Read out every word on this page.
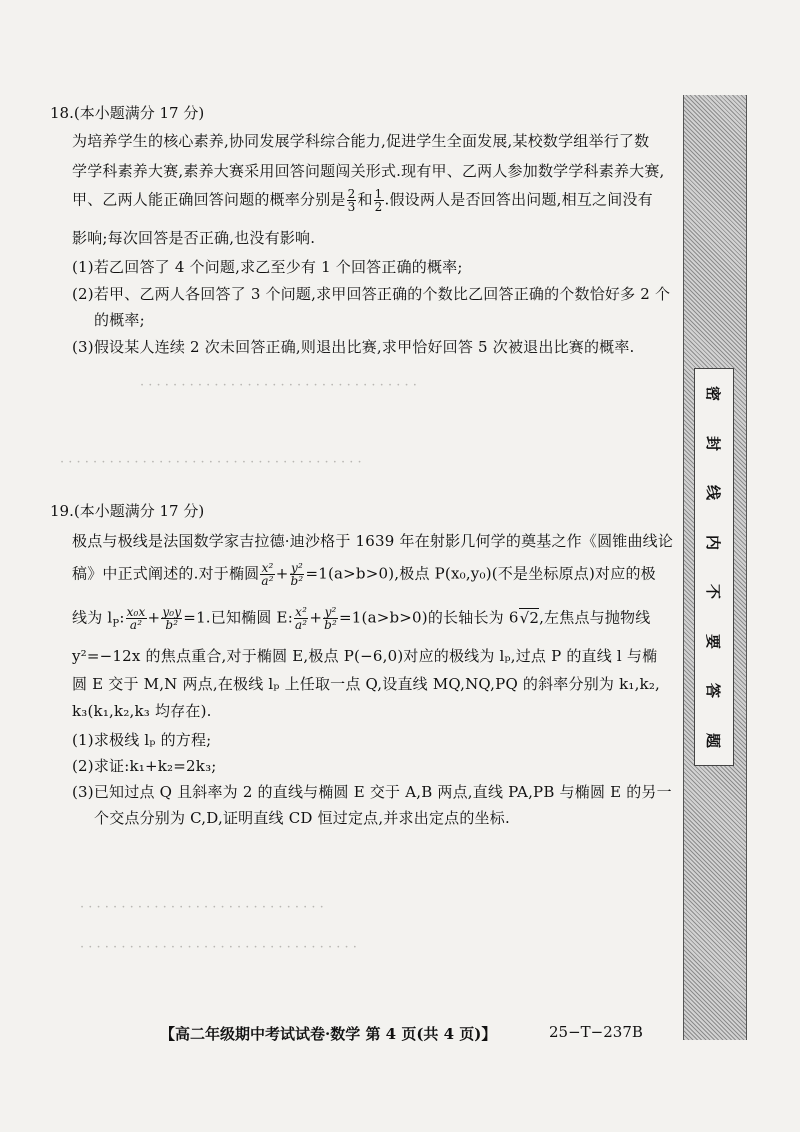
18.(本小题满分 17 分)
为培养学生的核心素养,协同发展学科综合能力,促进学生全面发展,某校数学组举行了数
学学科素养大赛,素养大赛采用回答问题闯关形式.现有甲、乙两人参加数学学科素养大赛,
甲、乙两人能正确回答问题的概率分别是 $\frac{2}{3}$ 和 $\frac{1}{2}$ .假设两人是否回答出问题,相互之间没有
影响;每次回答是否正确,也没有影响.
(1)若乙回答了 4 个问题,求乙至少有 1 个回答正确的概率;
(2)若甲、乙两人各回答了 3 个问题,求甲回答正确的个数比乙回答正确的个数恰好多 2 个
的概率;
(3)假设某人连续 2 次未回答正确,则退出比赛,求甲恰好回答 5 次被退出比赛的概率.
· · · · · · · · · · · · · · · · · · · · · · · · · · · · · · · · · ·
· · · · · · · · · · · · · · · · · · · · · · · · · · · · · · · · · · · · ·
19.(本小题满分 17 分)
极点与极线是法国数学家吉拉德·迪沙格于 1639 年在射影几何学的奠基之作《圆锥曲线论
稿》中正式阐述的.对于椭圆 $\frac{\text{x²}}{\text{a²}} + \frac{\text{y²}}{\text{b²}} =1(a>b>0)$,极点 P(x₀,y₀)(不是坐标原点)对应的极
线为 $l_P$: $\frac{\text{x₀x}}{\text{a²}} + \frac{\text{y₀y}}{\text{b²}} =1$.已知椭圆 E: $\frac{\text{x²}}{\text{a²}} + \frac{\text{y²}}{\text{b²}} =1(a>b>0)$的长轴长为 6√2,左焦点与抛物线
y²=−12x 的焦点重合,对于椭圆 E,极点 P(−6,0)对应的极线为 lₚ,过点 P 的直线 l 与椭
圆 E 交于 M,N 两点,在极线 lₚ 上任取一点 Q,设直线 MQ,NQ,PQ 的斜率分别为 k₁,k₂,
k₃(k₁,k₂,k₃ 均存在).
(1)求极线 lₚ 的方程;
(2)求证:k₁+k₂=2k₃;
(3)已知过点 Q 且斜率为 2 的直线与椭圆 E 交于 A,B 两点,直线 PA,PB 与椭圆 E 的另一
个交点分别为 C,D,证明直线 CD 恒过定点,并求出定点的坐标.
· · · · · · · · · · · · · · · · · · · · · · · · · · · · · ·
· · · · · · · · · · · · · · · · · · · · · · · · · · · · · · · · · ·
密
封
线
内
不
要
答
题
【高二年级期中考试试卷·数学 第 4 页(共 4 页)】	25−T−237B
